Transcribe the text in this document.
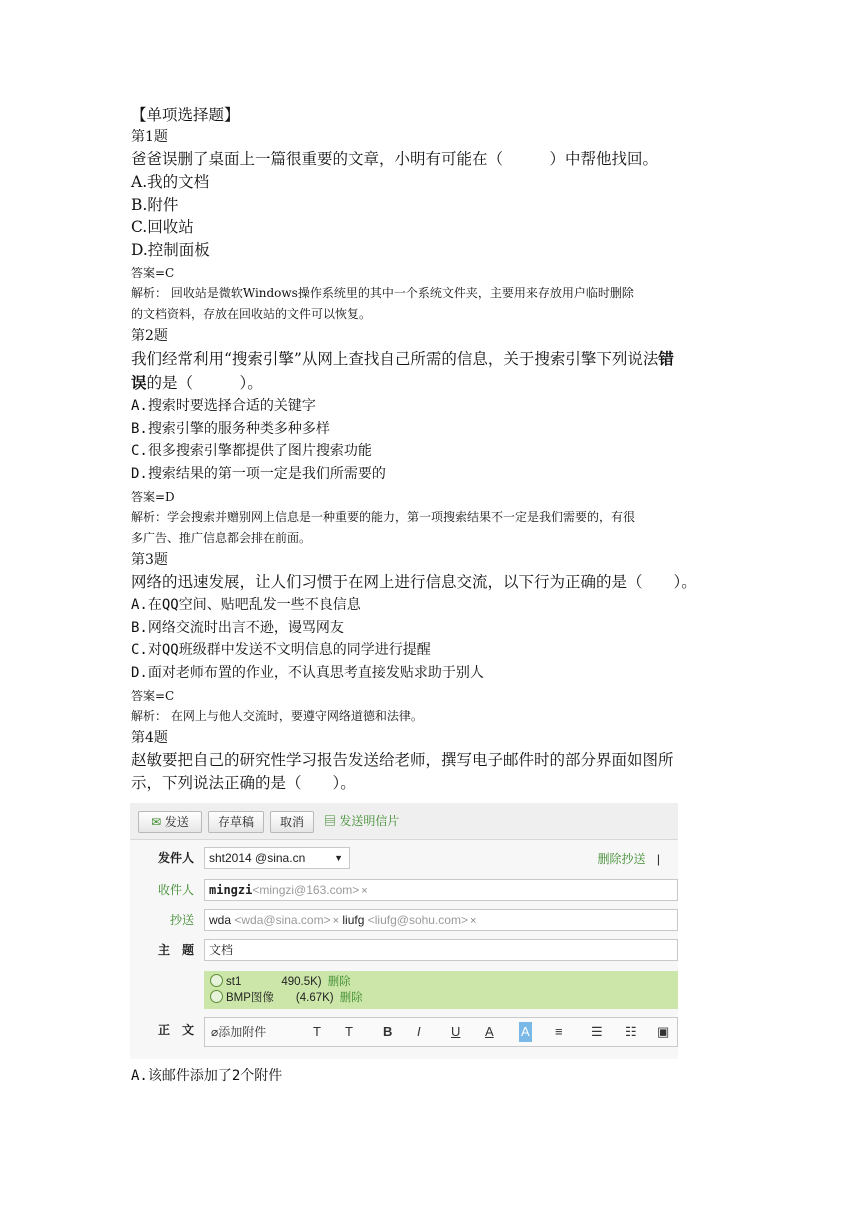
【单项选择题】
第1题
爸爸误删了桌面上一篇很重要的文章，小明有可能在（　　　）中帮他找回。
A.我的文档
B.附件
C.回收站
D.控制面板
答案=C
解析： 回收站是微软Windows操作系统里的其中一个系统文件夹，主要用来存放用户临时删除
的文档资料，存放在回收站的文件可以恢复。
第2题
我们经常利用“搜索引擎”从网上查找自己所需的信息，关于搜索引擎下列说法错
误的是（　　　）。
A.搜索时要选择合适的关键字
B.搜索引擎的服务种类多种多样
C.很多搜索引擎都提供了图片搜索功能
D.搜索结果的第一项一定是我们所需要的
答案=D
解析：学会搜索并赠别网上信息是一种重要的能力，第一项搜索结果不一定是我们需要的，有很
多广告、推广信息都会排在前面。
第3题
网络的迅速发展，让人们习惯于在网上进行信息交流，以下行为正确的是（　　）。
A.在QQ空间、贴吧乱发一些不良信息
B.网络交流时出言不逊，谩骂网友
C.对QQ班级群中发送不文明信息的同学进行提醒
D.面对老师布置的作业，不认真思考直接发贴求助于别人
答案=C
解析： 在网上与他人交流时，要遵守网络道德和法律。
第4题
赵敏要把自己的研究性学习报告发送给老师，撰写电子邮件时的部分界面如图所
示，下列说法正确的是（　　）。
✉ 发送	存草稿	取消	▤ 发送明信片
发件人	sht2014 @sina.cn	▼	删除抄送 |
收件人	mingzi<mingzi@163.com> ×
抄送	wda <wda@sina.com> × liufg <liufg@sohu.com> ×
主　题	文档
st1	490.5K) 删除
BMP图像 (4.67K) 删除
正　文 ⌀添加附件	T T B I U A A ≡ ☰ ☷ ▣
A.该邮件添加了2个附件
